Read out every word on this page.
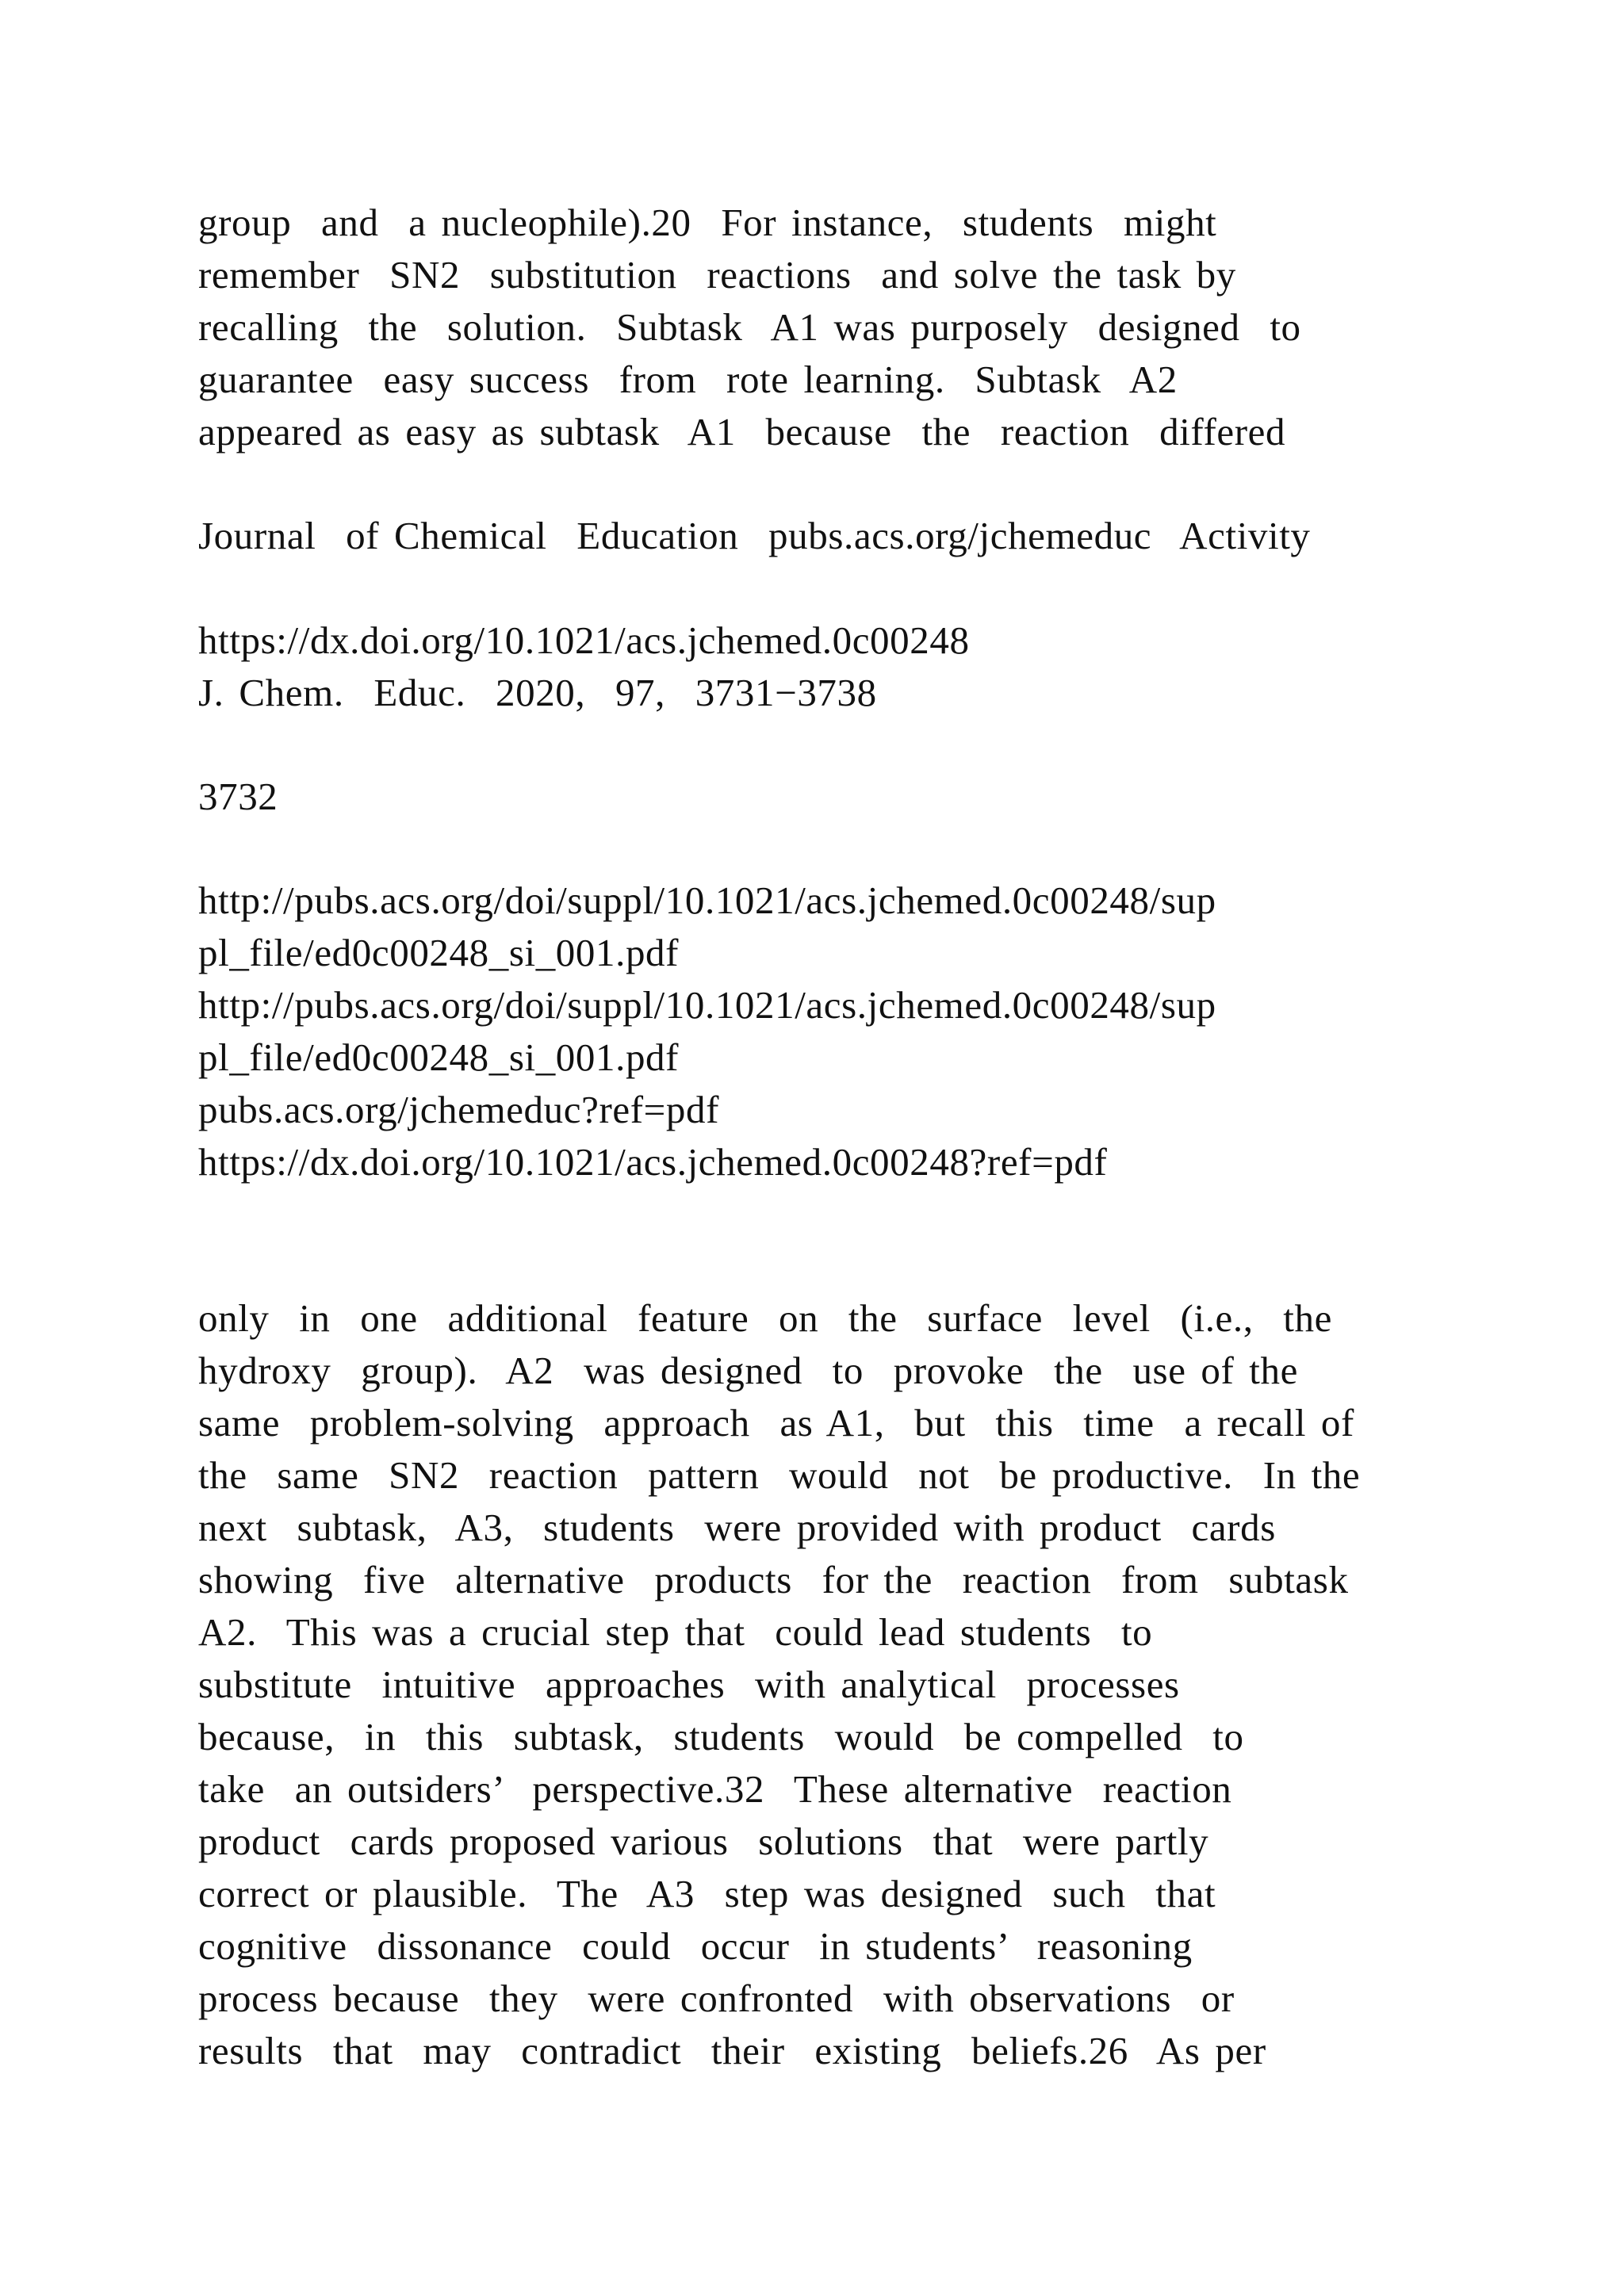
group  and  a nucleophile).20  For instance,  students  might

remember  SN2  substitution  reactions  and solve the task by

recalling  the  solution.  Subtask  A1 was purposely  designed  to

guarantee  easy success  from  rote learning.  Subtask  A2

appeared as easy as subtask  A1  because  the  reaction  differed

Journal  of Chemical  Education  pubs.acs.org/jchemeduc  Activity

https://dx.doi.org/10.1021/acs.jchemed.0c00248

J. Chem.  Educ.  2020,  97,  3731−3738

3732

http://pubs.acs.org/doi/suppl/10.1021/acs.jchemed.0c00248/sup

pl_file/ed0c00248_si_001.pdf

http://pubs.acs.org/doi/suppl/10.1021/acs.jchemed.0c00248/sup

pl_file/ed0c00248_si_001.pdf

pubs.acs.org/jchemeduc?ref=pdf

https://dx.doi.org/10.1021/acs.jchemed.0c00248?ref=pdf

only  in  one  additional  feature  on  the  surface  level  (i.e.,  the

hydroxy  group).  A2  was designed  to  provoke  the  use of the

same  problem-solving  approach  as A1,  but  this  time  a recall of

the  same  SN2  reaction  pattern  would  not  be productive.  In the

next  subtask,  A3,  students  were provided with product  cards

showing  five  alternative  products  for the  reaction  from  subtask

A2.  This was a crucial step that  could lead students  to

substitute  intuitive  approaches  with analytical  processes

because,  in  this  subtask,  students  would  be compelled  to

take  an outsiders’  perspective.32  These alternative  reaction

product  cards proposed various  solutions  that  were partly

correct or plausible.  The  A3  step was designed  such  that

cognitive  dissonance  could  occur  in students’  reasoning

process because  they  were confronted  with observations  or

results  that  may  contradict  their  existing  beliefs.26  As per
